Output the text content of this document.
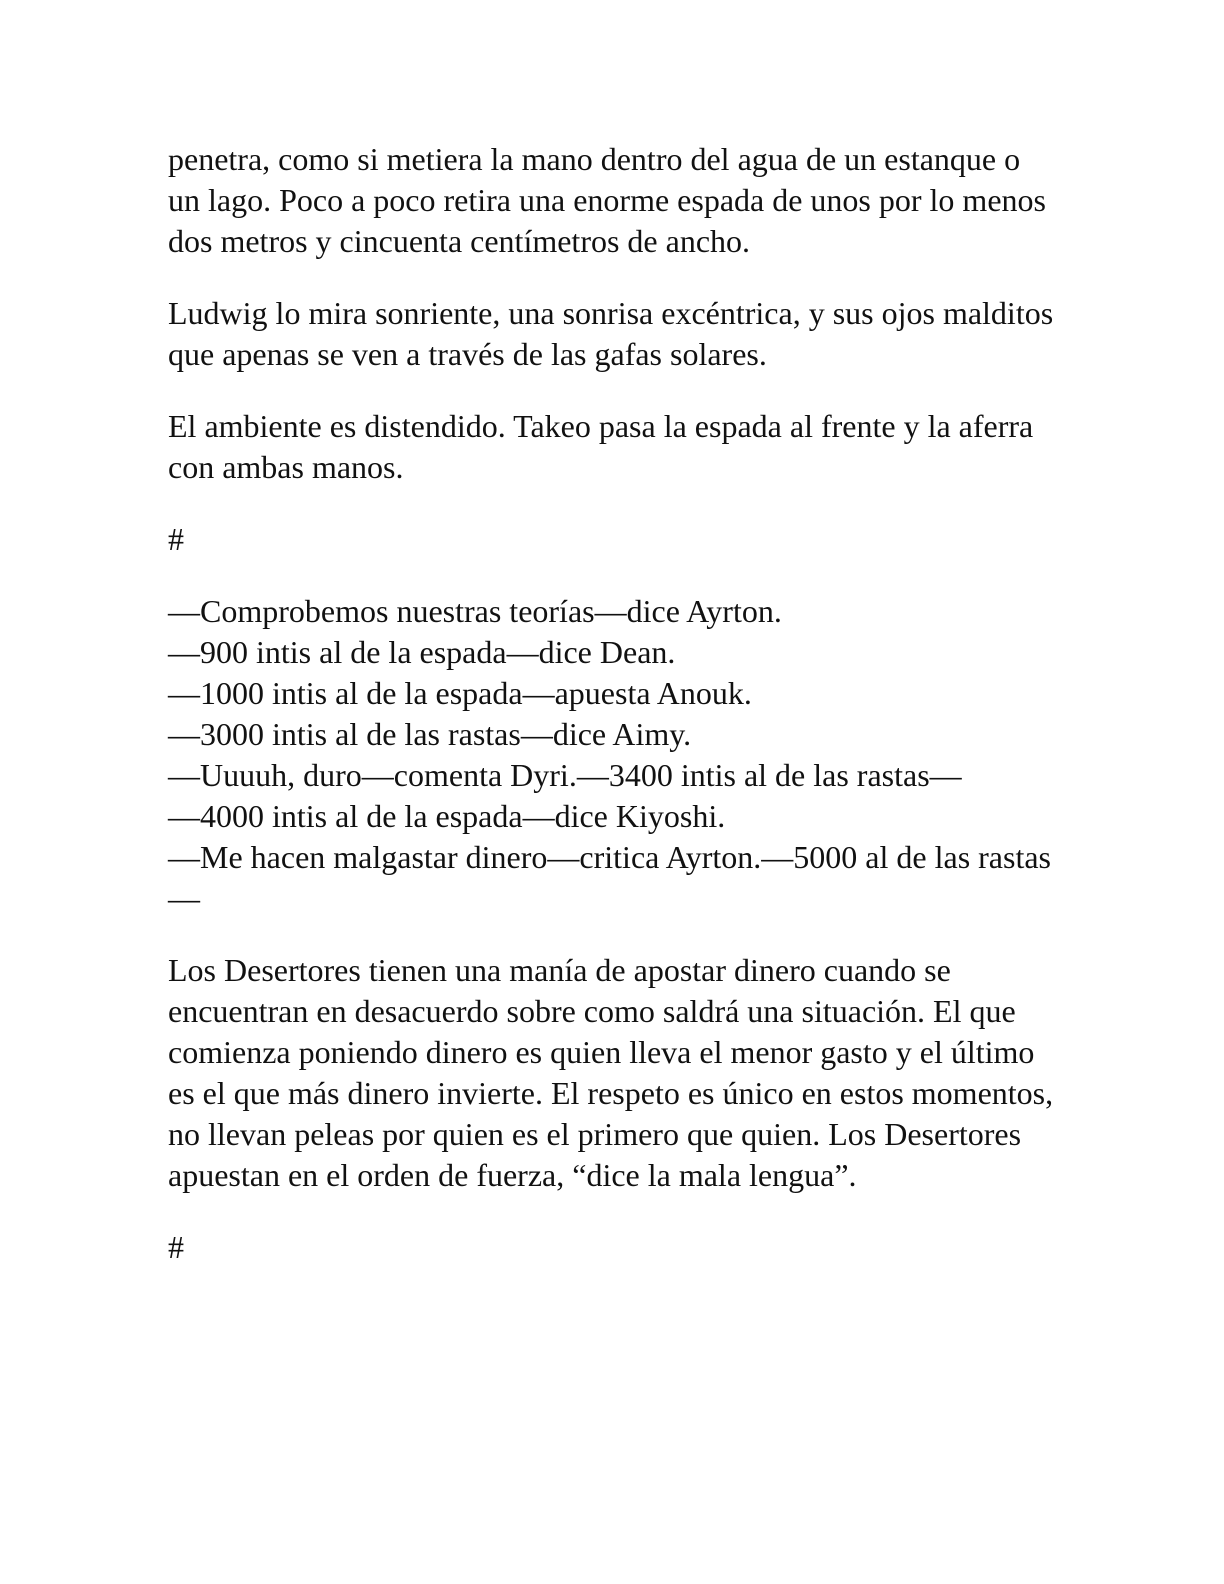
penetra, como si metiera la mano dentro del agua de un estanque o un lago. Poco a poco retira una enorme espada de unos por lo menos dos metros y cincuenta centímetros de ancho.

Ludwig lo mira sonriente, una sonrisa excéntrica, y sus ojos malditos que apenas se ven a través de las gafas solares.

El ambiente es distendido. Takeo pasa la espada al frente y la aferra con ambas manos.

#
—Comprobemos nuestras teorías—dice Ayrton.
—900 intis al de la espada—dice Dean.
—1000 intis al de la espada—apuesta Anouk.
—3000 intis al de las rastas—dice Aimy.
—Uuuuh, duro—comenta Dyri.—3400 intis al de las rastas—
—4000 intis al de la espada—dice Kiyoshi.
—Me hacen malgastar dinero—critica Ayrton.—5000 al de las rastas—

Los Desertores tienen una manía de apostar dinero cuando se encuentran en desacuerdo sobre como saldrá una situación. El que comienza poniendo dinero es quien lleva el menor gasto y el último es el que más dinero invierte. El respeto es único en estos momentos, no llevan peleas por quien es el primero que quien. Los Desertores apuestan en el orden de fuerza, “dice la mala lengua”.

#
